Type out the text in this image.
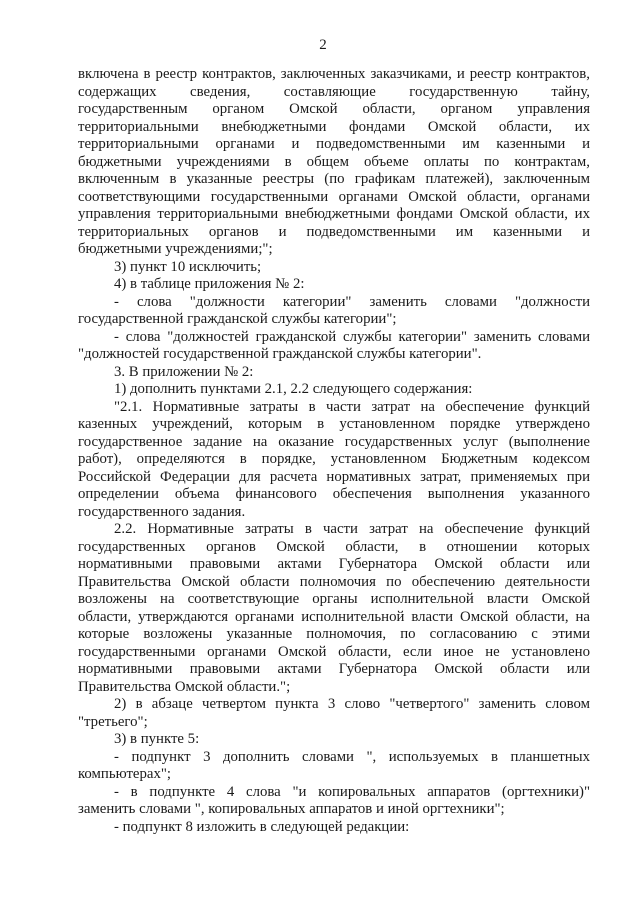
2
включена в реестр контрактов, заключенных заказчиками, и реестр контрактов,
содержащих сведения, составляющие государственную тайну,
государственным органом Омской области, органом управления
территориальными внебюджетными фондами Омской области, их
территориальными органами и подведомственными им казенными и
бюджетными учреждениями в общем объеме оплаты по контрактам,
включенным в указанные реестры (по графикам платежей), заключенным
соответствующими государственными органами Омской области, органами
управления территориальными внебюджетными фондами Омской области, их
территориальных органов и подведомственными им казенными и
бюджетными учреждениями;";
3) пункт 10 исключить;
4) в таблице приложения № 2:
- слова "должности категории" заменить словами "должности
государственной гражданской службы категории";
- слова "должностей гражданской службы категории" заменить словами
"должностей государственной гражданской службы категории".
3. В приложении № 2:
1) дополнить пунктами 2.1, 2.2 следующего содержания:
"2.1. Нормативные затраты в части затрат на обеспечение функций
казенных учреждений, которым в установленном порядке утверждено
государственное задание на оказание государственных услуг (выполнение
работ), определяются в порядке, установленном Бюджетным кодексом
Российской Федерации для расчета нормативных затрат, применяемых при
определении объема финансового обеспечения выполнения указанного
государственного задания.
2.2. Нормативные затраты в части затрат на обеспечение функций
государственных органов Омской области, в отношении которых
нормативными правовыми актами Губернатора Омской области или
Правительства Омской области полномочия по обеспечению деятельности
возложены на соответствующие органы исполнительной власти Омской
области, утверждаются органами исполнительной власти Омской области, на
которые возложены указанные полномочия, по согласованию с этими
государственными органами Омской области, если иное не установлено
нормативными правовыми актами Губернатора Омской области или
Правительства Омской области.";
2) в абзаце четвертом пункта 3 слово "четвертого" заменить словом
"третьего";
3) в пункте 5:
- подпункт 3 дополнить словами ", используемых в планшетных
компьютерах";
- в подпункте 4 слова "и копировальных аппаратов (оргтехники)"
заменить словами ", копировальных аппаратов и иной оргтехники";
- подпункт 8 изложить в следующей редакции:
